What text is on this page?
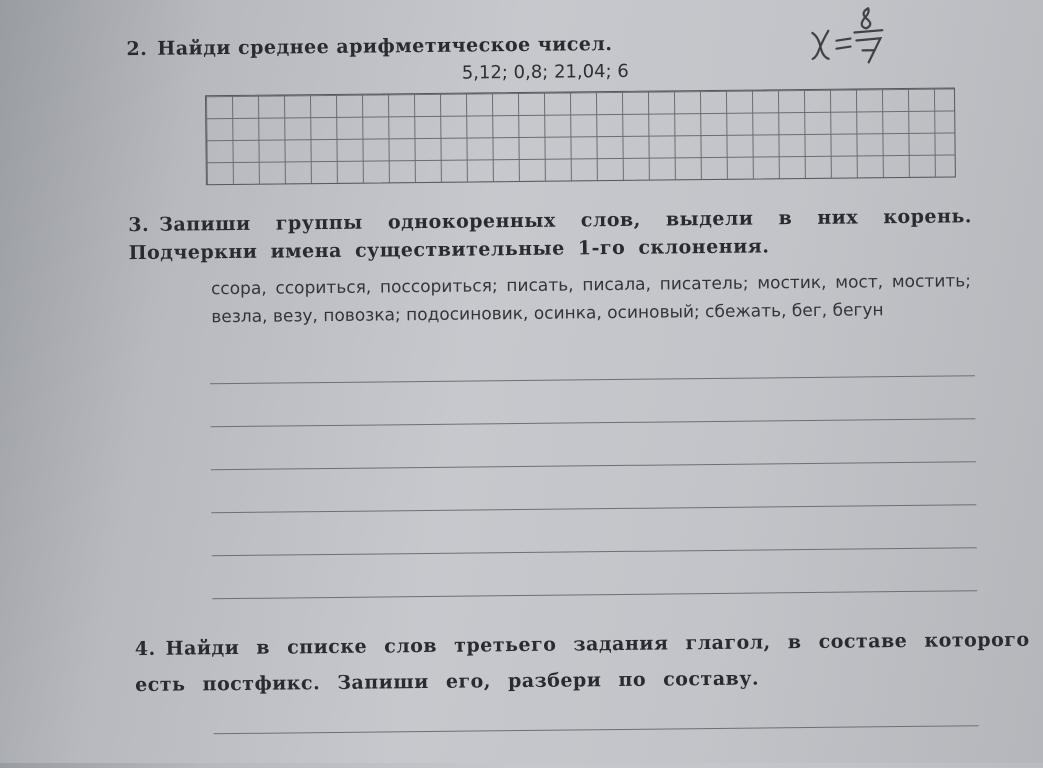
2. Найди среднее арифметическое чисел.
5,12; 0,8; 21,04; 6
3. Запиши группы однокоренных слов, выдели в них корень.
Подчеркни имена существительные 1-го склонения.
ссора, ссориться, поссориться; писать, писала, писатель; мостик, мост, мостить; везла, везу, повозка; подосиновик, осинка, осиновый; сбежать, бег, бегун
4. Найди в списке слов третьего задания глагол, в составе которого
есть постфикс. Запиши его, разбери по составу.
